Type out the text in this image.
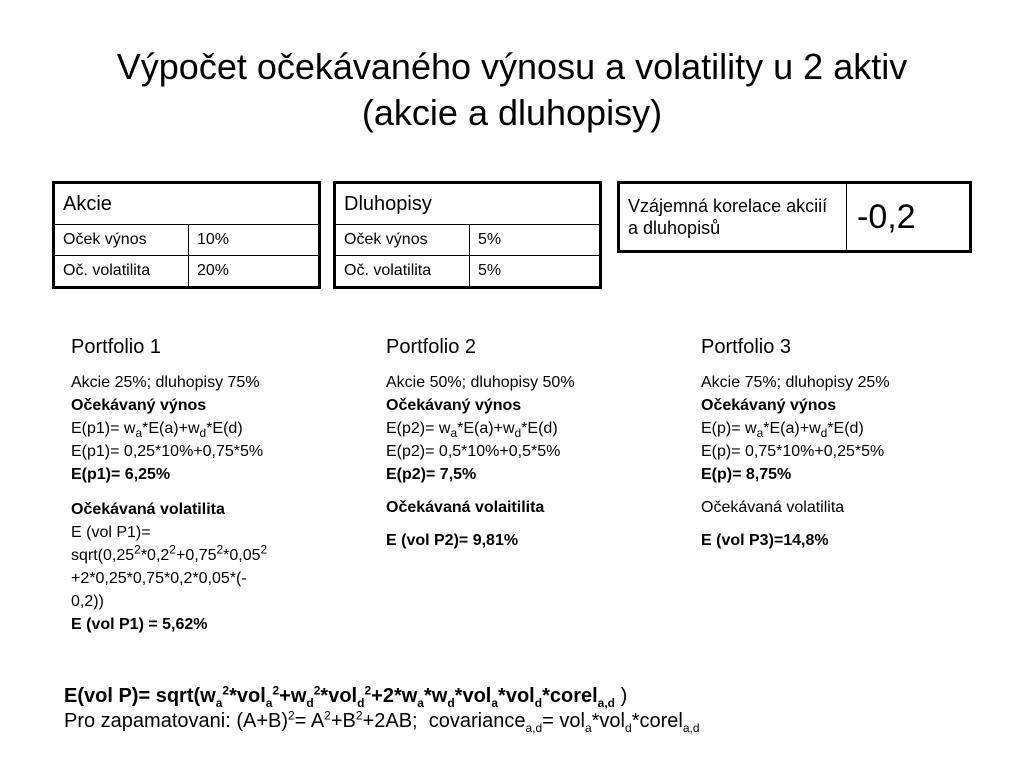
Výpočet očekávaného výnosu a volatility u 2 aktiv
(akcie a dluhopisy)
Akcie	
Oček výnos	10%
Oč. volatilita	20%
Dluhopisy	
Oček výnos	5%
Oč. volatilita	5%
Vzájemná korelace akciií a dluhopisů	-0,2
Portfolio 1
Akcie 25%; dluhopisy 75%
Očekávaný výnos
$E(p1)= w_a*E(a)+w_d*E(d)$
E(p1)= 0,25*10%+0,75*5%
E(p1)= 6,25%
Očekávaná volatilita
E (vol P1)=
$sqrt(0,25^2*0,2^2+0,75^2*0,05^2$
+2*0,25*0,75*0,2*0,05*(-
0,2))
E (vol P1) = 5,62%
Portfolio 2
Akcie 50%; dluhopisy 50%
Očekávaný výnos
$E(p2)= w_a*E(a)+w_d*E(d)$
E(p2)= 0,5*10%+0,5*5%
E(p2)= 7,5%
Očekávaná volaitilita
E (vol P2)= 9,81%
Portfolio 3
Akcie 75%; dluhopisy 25%
Očekávaný výnos
$E(p)= w_a*E(a)+w_d*E(d)$
E(p)= 0,75*10%+0,25*5%
E(p)= 8,75%
Očekávaná volatilita
E (vol P3)=14,8%
E(vol $P)= sqrt(w_a^2*vol_a^2+w_d^2*vol_d^2+2*w_a*w_d*vol_a*vol_d*corel_{a,d}$ )
Pro zapamatovani: $(A+B)^2= A^2+B^2+2AB$;  covariance$_{a,d}$= vol$_a$*vol$_d$*corel$_{a,d}$
